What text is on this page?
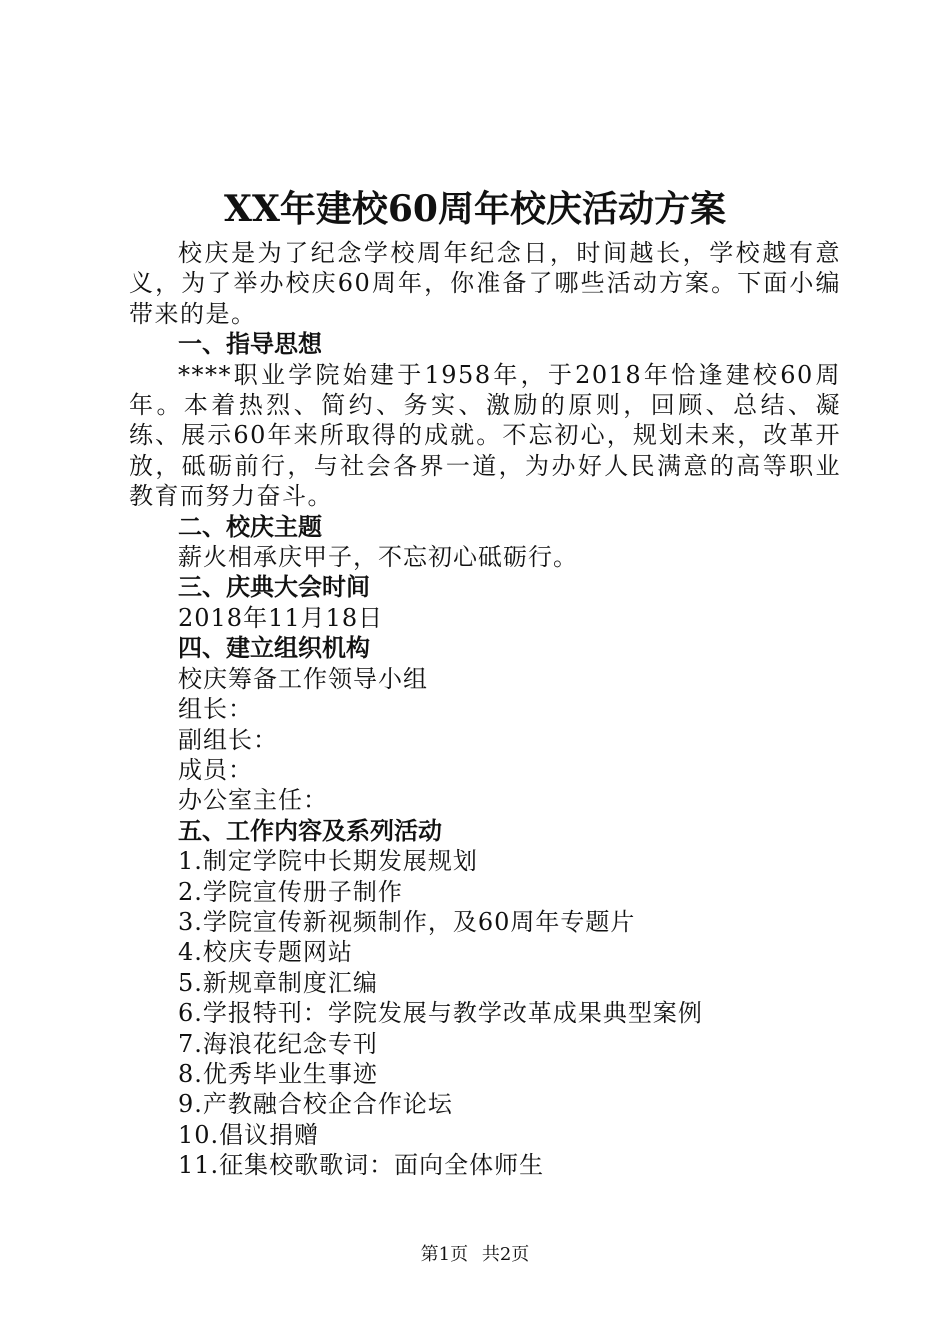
XX年建校60周年校庆活动方案

校庆是为了纪念学校周年纪念日，时间越长，学校越有意义，为了举办校庆60周年，你准备了哪些活动方案。下面小编带来的是。

一、指导思想

****职业学院始建于1958年，于2018年恰逢建校60周年。本着热烈、简约、务实、激励的原则，回顾、总结、凝练、展示60年来所取得的成就。不忘初心，规划未来，改革开放，砥砺前行，与社会各界一道，为办好人民满意的高等职业教育而努力奋斗。

二、校庆主题

薪火相承庆甲子，不忘初心砥砺行。

三、庆典大会时间

2018年11月18日

四、建立组织机构

校庆筹备工作领导小组

组长：

副组长：

成员：

办公室主任：

五、工作内容及系列活动

1.制定学院中长期发展规划

2.学院宣传册子制作

3.学院宣传新视频制作，及60周年专题片

4.校庆专题网站

5.新规章制度汇编

6.学报特刊：学院发展与教学改革成果典型案例

7.海浪花纪念专刊

8.优秀毕业生事迹

9.产教融合校企合作论坛

10.倡议捐赠

11.征集校歌歌词：面向全体师生

第1页 共2页
